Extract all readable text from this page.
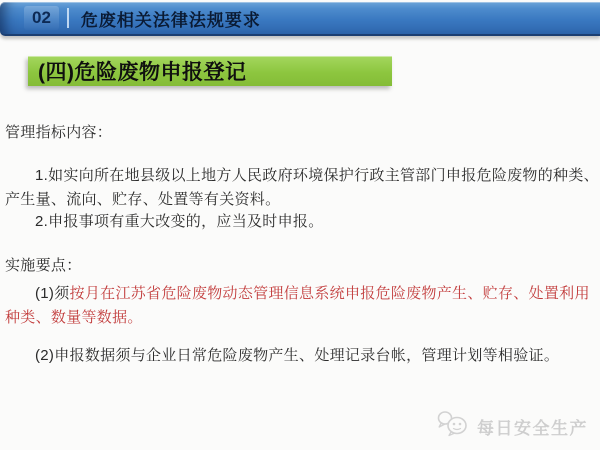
02	危废相关法律法规要求
(四)危险废物申报登记
管理指标内容：
1.如实向所在地县级以上地方人民政府环境保护行政主管部门申报危险废物的种类、
产生量、流向、贮存、处置等有关资料。
2.申报事项有重大改变的，应当及时申报。
实施要点：
(1)须按月在江苏省危险废物动态管理信息系统申报危险废物产生、贮存、处置利用
种类、数量等数据。
(2)申报数据须与企业日常危险废物产生、处理记录台帐，管理计划等相验证。
每日安全生产
